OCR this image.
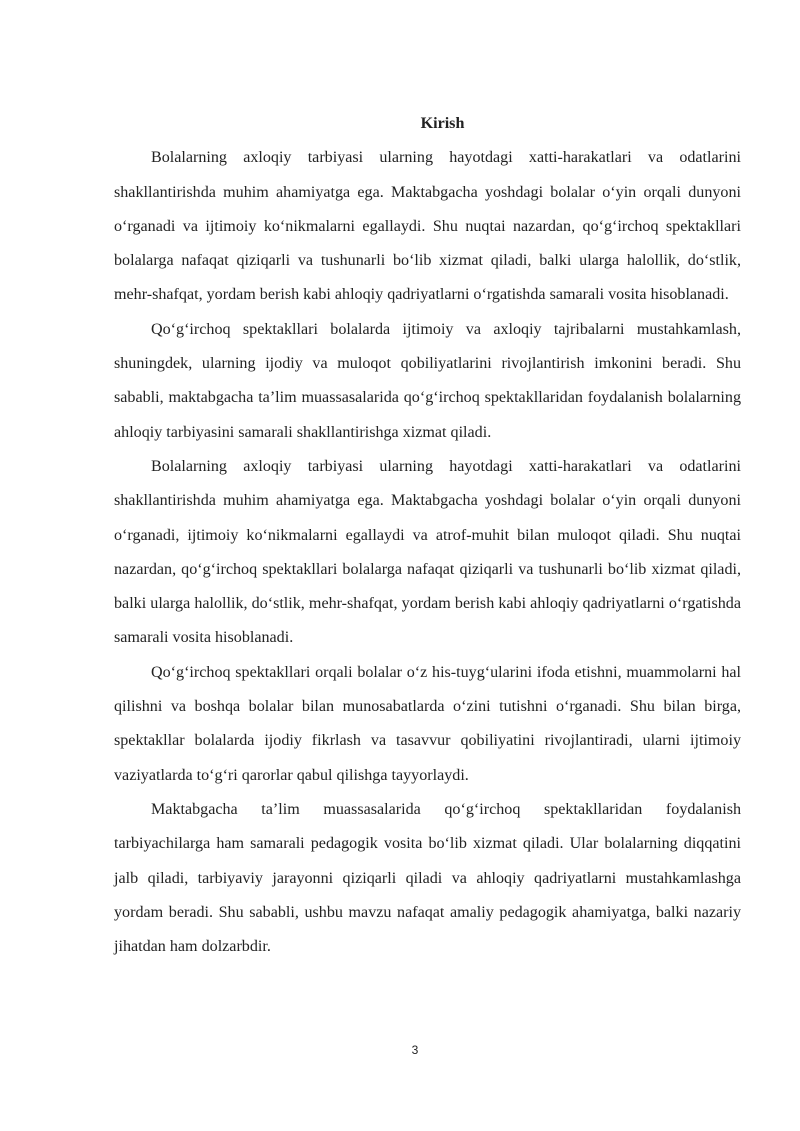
Kirish

Bolalarning axloqiy tarbiyasi ularning hayotdagi xatti-harakatlari va odatlarini shakllantirishda muhim ahamiyatga ega. Maktabgacha yoshdagi bolalar o‘yin orqali dunyoni o‘rganadi va ijtimoiy ko‘nikmalarni egallaydi. Shu nuqtai nazardan, qo‘g‘irchoq spektakllari bolalarga nafaqat qiziqarli va tushunarli bo‘lib xizmat qiladi, balki ularga halollik, do‘stlik, mehr-shafqat, yordam berish kabi ahloqiy qadriyatlarni o‘rgatishda samarali vosita hisoblanadi.

Qo‘g‘irchoq spektakllari bolalarda ijtimoiy va axloqiy tajribalarni mustahkamlash, shuningdek, ularning ijodiy va muloqot qobiliyatlarini rivojlantirish imkonini beradi. Shu sababli, maktabgacha ta’lim muassasalarida qo‘g‘irchoq spektakllaridan foydalanish bolalarning ahloqiy tarbiyasini samarali shakllantirishga xizmat qiladi.

Bolalarning axloqiy tarbiyasi ularning hayotdagi xatti-harakatlari va odatlarini shakllantirishda muhim ahamiyatga ega. Maktabgacha yoshdagi bolalar o‘yin orqali dunyoni o‘rganadi, ijtimoiy ko‘nikmalarni egallaydi va atrof-muhit bilan muloqot qiladi. Shu nuqtai nazardan, qo‘g‘irchoq spektakllari bolalarga nafaqat qiziqarli va tushunarli bo‘lib xizmat qiladi, balki ularga halollik, do‘stlik, mehr-shafqat, yordam berish kabi ahloqiy qadriyatlarni o‘rgatishda samarali vosita hisoblanadi.

Qo‘g‘irchoq spektakllari orqali bolalar o‘z his-tuyg‘ularini ifoda etishni, muammolarni hal qilishni va boshqa bolalar bilan munosabatlarda o‘zini tutishni o‘rganadi. Shu bilan birga, spektakllar bolalarda ijodiy fikrlash va tasavvur qobiliyatini rivojlantiradi, ularni ijtimoiy vaziyatlarda to‘g‘ri qarorlar qabul qilishga tayyorlaydi.

Maktabgacha ta’lim muassasalarida qo‘g‘irchoq spektakllaridan foydalanish tarbiyachilarga ham samarali pedagogik vosita bo‘lib xizmat qiladi. Ular bolalarning diqqatini jalb qiladi, tarbiyaviy jarayonni qiziqarli qiladi va ahloqiy qadriyatlarni mustahkamlashga yordam beradi. Shu sababli, ushbu mavzu nafaqat amaliy pedagogik ahamiyatga, balki nazariy jihatdan ham dolzarbdir.

3
